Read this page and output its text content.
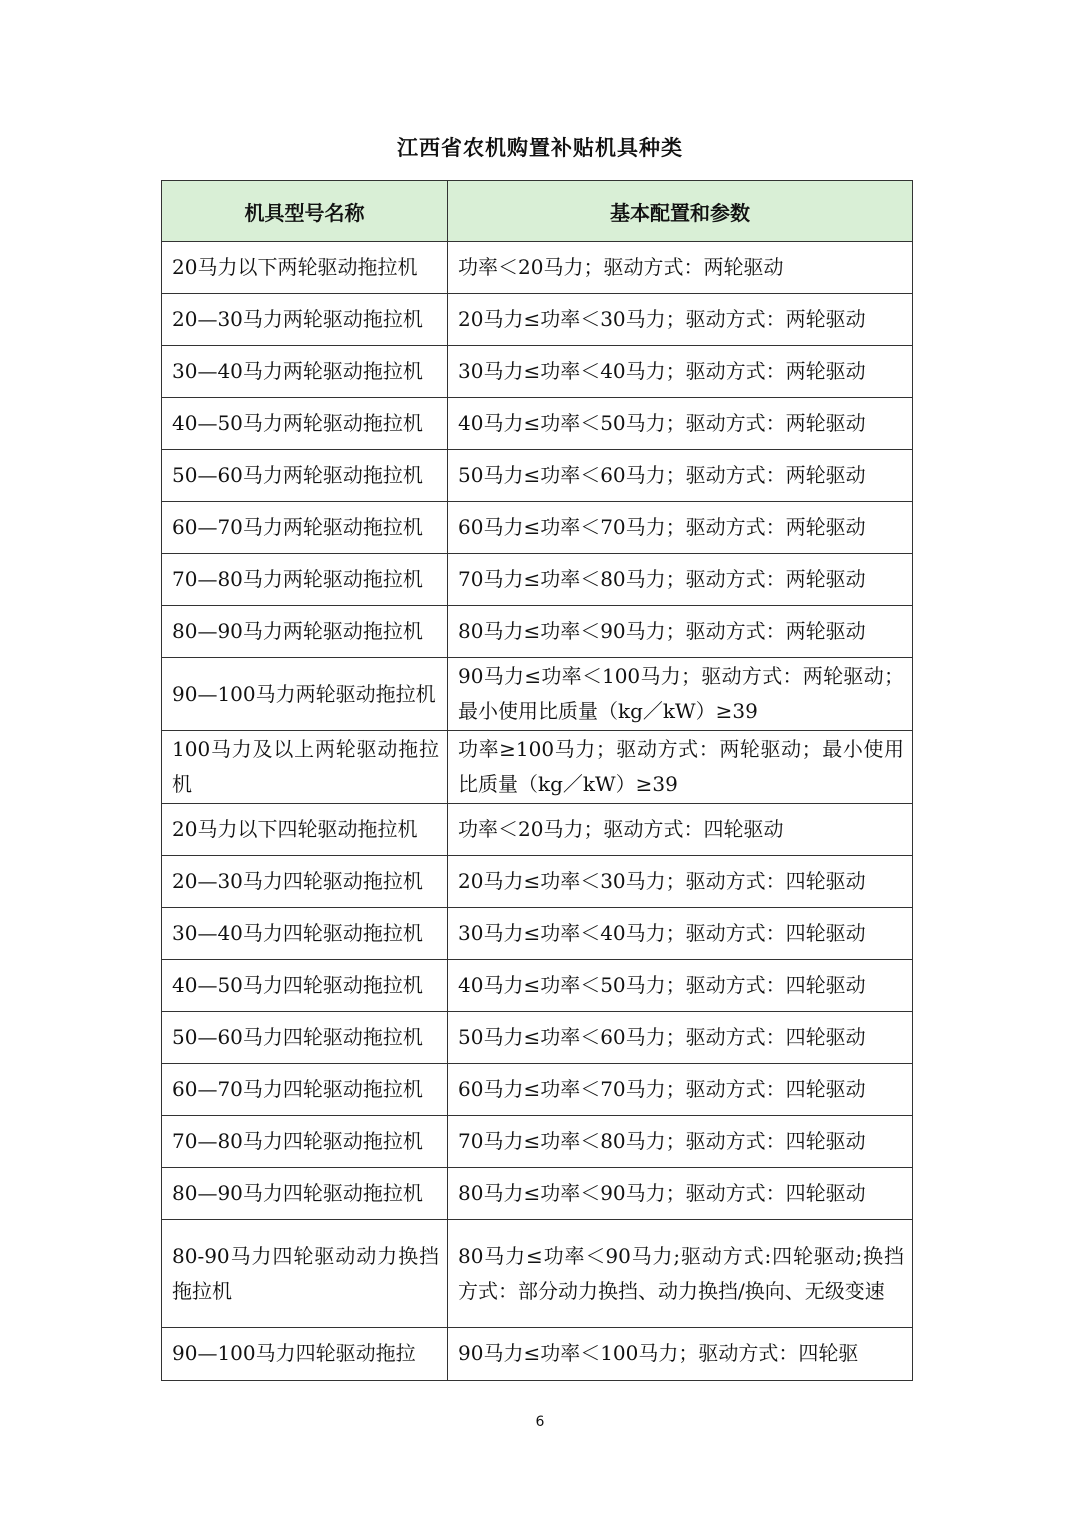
江西省农机购置补贴机具种类
机具型号名称	基本配置和参数
20马力以下两轮驱动拖拉机	功率＜20马力；驱动方式：两轮驱动
20—30马力两轮驱动拖拉机	20马力≤功率＜30马力；驱动方式：两轮驱动
30—40马力两轮驱动拖拉机	30马力≤功率＜40马力；驱动方式：两轮驱动
40—50马力两轮驱动拖拉机	40马力≤功率＜50马力；驱动方式：两轮驱动
50—60马力两轮驱动拖拉机	50马力≤功率＜60马力；驱动方式：两轮驱动
60—70马力两轮驱动拖拉机	60马力≤功率＜70马力；驱动方式：两轮驱动
70—80马力两轮驱动拖拉机	70马力≤功率＜80马力；驱动方式：两轮驱动
80—90马力两轮驱动拖拉机	80马力≤功率＜90马力；驱动方式：两轮驱动
90—100马力两轮驱动拖拉机	90马力≤功率＜100马力；驱动方式：两轮驱动；最小使用比质量（kg／kW）≥39
100马力及以上两轮驱动拖拉机	功率≥100马力；驱动方式：两轮驱动；最小使用比质量（kg／kW）≥39
20马力以下四轮驱动拖拉机	功率＜20马力；驱动方式：四轮驱动
20—30马力四轮驱动拖拉机	20马力≤功率＜30马力；驱动方式：四轮驱动
30—40马力四轮驱动拖拉机	30马力≤功率＜40马力；驱动方式：四轮驱动
40—50马力四轮驱动拖拉机	40马力≤功率＜50马力；驱动方式：四轮驱动
50—60马力四轮驱动拖拉机	50马力≤功率＜60马力；驱动方式：四轮驱动
60—70马力四轮驱动拖拉机	60马力≤功率＜70马力；驱动方式：四轮驱动
70—80马力四轮驱动拖拉机	70马力≤功率＜80马力；驱动方式：四轮驱动
80—90马力四轮驱动拖拉机	80马力≤功率＜90马力；驱动方式：四轮驱动
80-90马力四轮驱动动力换挡拖拉机	80马力≤功率＜90马力;驱动方式:四轮驱动;换挡方式：部分动力换挡、动力换挡/换向、无级变速
90—100马力四轮驱动拖拉	90马力≤功率＜100马力；驱动方式：四轮驱
6
